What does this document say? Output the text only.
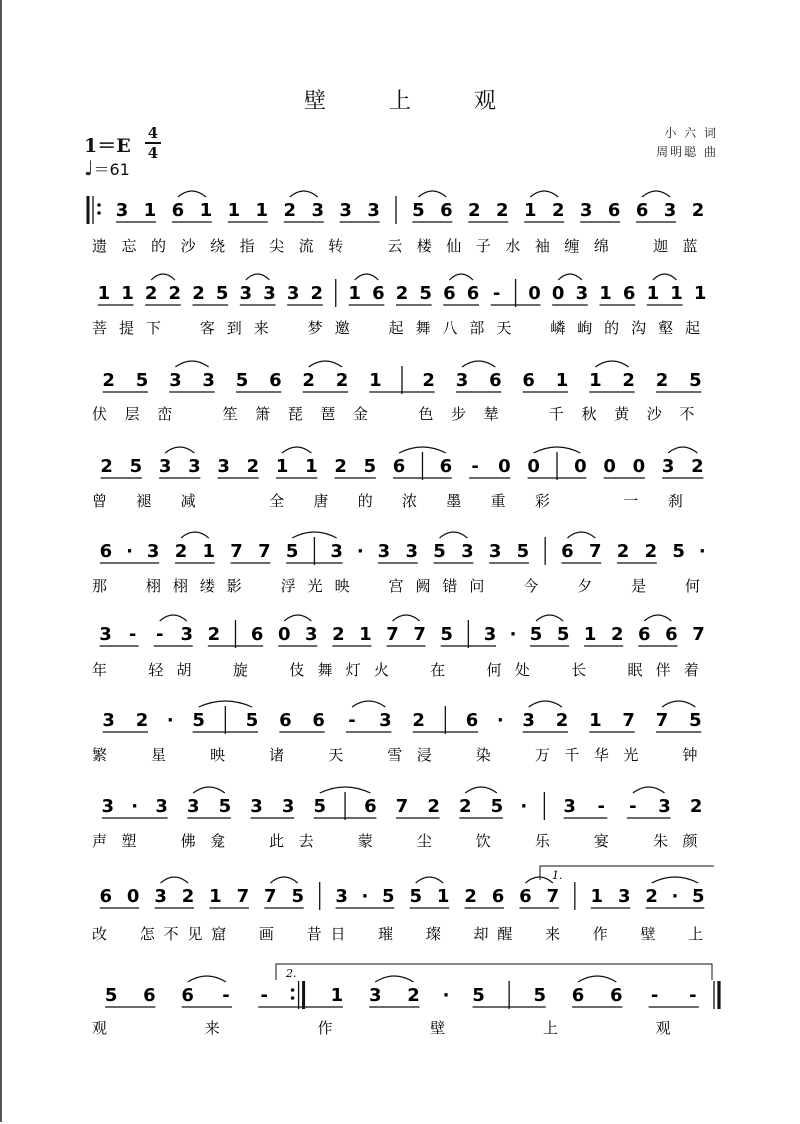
壁 上 观
1＝E
4
4
♩＝61
小 六 词
周明聪 曲
3 1 6 1 1 1 2 3 3 3 5 6 2 2 1 2 3 6 6 3 2
遗 忘 的 沙 绕 指 尖 流 转	云 楼 仙 子 水 袖 缠 绵	迦 蓝
1 1 2 2 2 5 3 3 3 2 1 6 2 5 6 6 - 0 0 3 1 6 1 1 1
菩 提 下	客 到 来	梦 邀	起 舞 八 部 天	嶙 峋 的 沟 壑 起
2 5 3 3 5 6 2 2 1 2 3 6 6 1 1 2 2 5
伏 层 峦	笙 箫 琵 琶 金	色 步 辇	千 秋 黄 沙 不
2 5 3 3 3 2 1 1 2 5 6 6 - 0 0 0 0 0 3 2
曾 褪 减	全 唐 的 浓 墨 重 彩	一 刹
6 · 3 2 1 7 7 5 3 · 3 3 5 3 3 5 6 7 2 2 5 ·
那	栩 栩 缕 影	浮 光 映	宫 阙 错 问	今	夕	是	何
3 - - 3 2 6 0 3 2 1 7 7 5 3 · 5 5 1 2 6 6 7
年	轻 胡	旋	伎 舞 灯 火	在	何 处	长	眠 伴 着
3 2 · 5 5 6 6 - 3 2 6 · 3 2 1 7 7 5
繁	星	映	诸	天	雪 浸	染	万 千 华 光	钟
3 · 3 3 5 3 3 5 6 7 2 2 5 · 3 - - 3 2
声 塑	佛 龛	此 去	蒙	尘	饮	乐	宴	朱 颜
6 0 3 2 1 7 7 5 3 · 5 5 1 2 6 6 7 1 3 2 · 5
改 怎 不 见 窟 画 昔 日 璀 璨 却 醒 来 作 壁 上
5 6 6 - -	1 3 2 · 5	5 6 6 - -
观	来	作	壁	上	观
1.
2.
